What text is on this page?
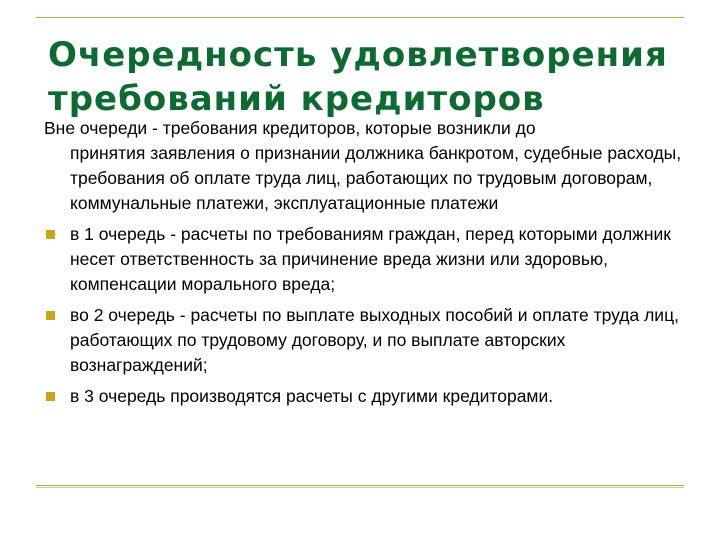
Очередность удовлетворения требований кредиторов
Вне очереди - требования кредиторов, которые возникли до
принятия заявления о признании должника банкротом, судебные расходы, требования об оплате труда лиц, работающих по трудовым договорам, коммунальные платежи, эксплуатационные платежи
в 1 очередь - расчеты по требованиям граждан, перед которыми должник несет ответственность за причинение вреда жизни или здоровью, компенсации морального вреда;
во 2 очередь - расчеты по выплате выходных пособий и оплате труда лиц, работающих по трудовому договору, и по выплате авторских вознаграждений;
в 3 очередь производятся расчеты с другими кредиторами.
